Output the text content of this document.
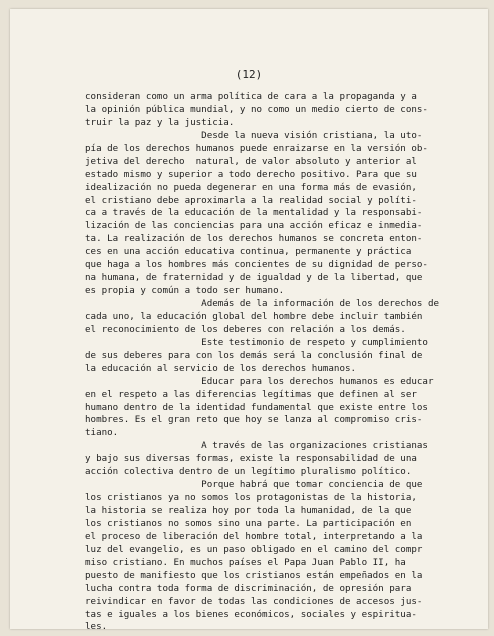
(12)
consideran como un arma política de cara a la propaganda y a
la opinión pública mundial, y no como un medio cierto de cons-
truir la paz y la justicia.
Desde la nueva visión cristiana, la uto-
pía de los derechos humanos puede enraizarse en la versión ob-
jetiva del derecho  natural, de valor absoluto y anterior al
estado mismo y superior a todo derecho positivo. Para que su
idealización no pueda degenerar en una forma más de evasión,
el cristiano debe aproximarla a la realidad social y políti-
ca a través de la educación de la mentalidad y la responsabi-
lización de las conciencias para una acción eficaz e inmedia-
ta. La realización de los derechos humanos se concreta enton-
ces en una acción educativa continua, permanente y práctica
que haga a los hombres más concientes de su dignidad de perso-
na humana, de fraternidad y de igualdad y de la libertad, que
es propia y común a todo ser humano.
Además de la información de los derechos de
cada uno, la educación global del hombre debe incluir también
el reconocimiento de los deberes con relación a los demás.
Este testimonio de respeto y cumplimiento
de sus deberes para con los demás será la conclusión final de
la educación al servicio de los derechos humanos.
Educar para los derechos humanos es educar
en el respeto a las diferencias legítimas que definen al ser
humano dentro de la identidad fundamental que existe entre los
hombres. Es el gran reto que hoy se lanza al compromiso cris-
tiano.
A través de las organizaciones cristianas
y bajo sus diversas formas, existe la responsabilidad de una
acción colectiva dentro de un legítimo pluralismo político.
Porque habrá que tomar conciencia de que
los cristianos ya no somos los protagonistas de la historia,
la historia se realiza hoy por toda la humanidad, de la que
los cristianos no somos sino una parte. La participación en
el proceso de liberación del hombre total, interpretando a la
luz del evangelio, es un paso obligado en el camino del compr
miso cristiano. En muchos países el Papa Juan Pablo II, ha
puesto de manifiesto que los cristianos están empeñados en la
lucha contra toda forma de discriminación, de opresión para
reivindicar en favor de todas las condiciones de accesos jus-
tas e iguales a los bienes económicos, sociales y espiritua-
les.
